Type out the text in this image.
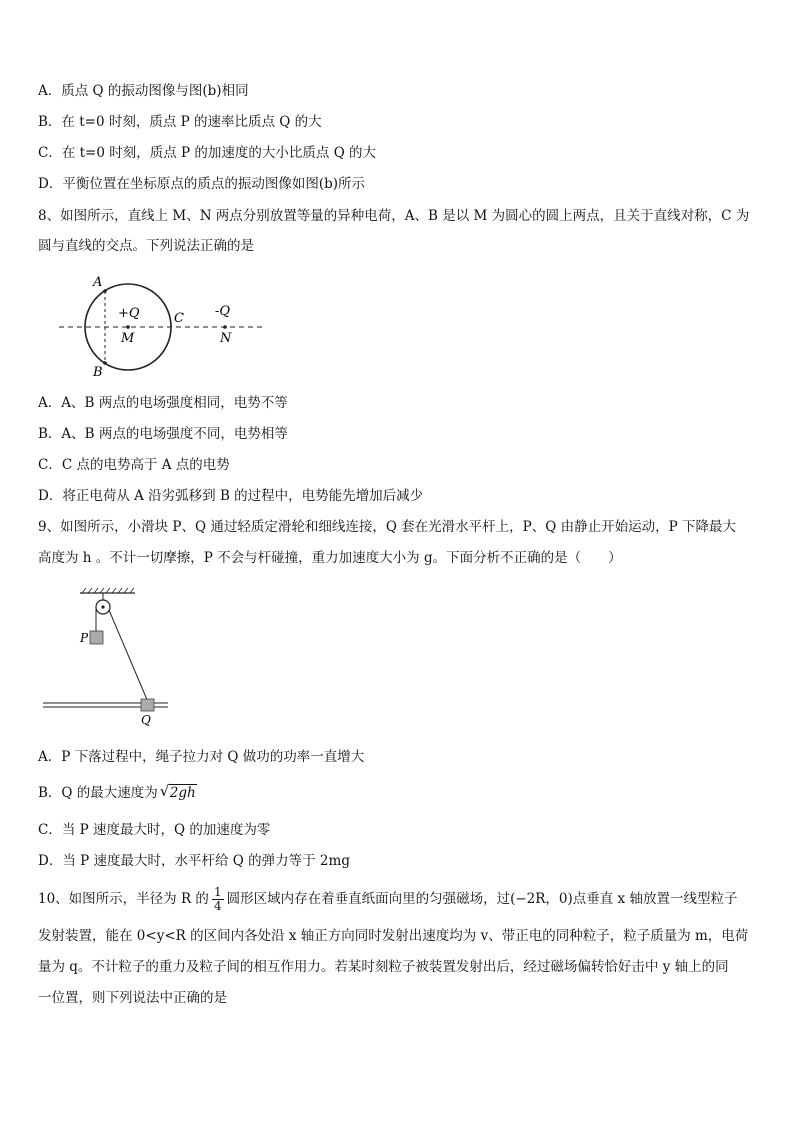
A．质点 Q 的振动图像与图(b)相同
B．在 t=0 时刻，质点 P 的速率比质点 Q 的大
C．在 t=0 时刻，质点 P 的加速度的大小比质点 Q 的大
D．平衡位置在坐标原点的质点的振动图像如图(b)所示
8、如图所示，直线上 M、N 两点分别放置等量的异种电荷，A、B 是以 M 为圆心的圆上两点，且关于直线对称，C 为
圆与直线的交点。下列说法正确的是
A
B
C
+Q
M
-Q
N
A．A、B 两点的电场强度相同，电势不等
B．A、B 两点的电场强度不同，电势相等
C．C 点的电势高于 A 点的电势
D．将正电荷从 A 沿劣弧移到 B 的过程中，电势能先增加后减少
9、如图所示，小滑块 P、Q 通过轻质定滑轮和细线连接，Q 套在光滑水平杆上，P、Q 由静止开始运动，P 下降最大
高度为 h 。不计一切摩擦，P 不会与杆碰撞，重力加速度大小为 g。下面分析不正确的是（　　）
P
Q
A．P 下落过程中，绳子拉力对 Q 做功的功率一直增大
B．Q 的最大速度为 √ 2gh
C．当 P 速度最大时，Q 的加速度为零
D．当 P 速度最大时，水平杆给 Q 的弹力等于 2mg
10、如图所示，半径为 R 的 $\frac{1}{4}$ 圆形区域内存在着垂直纸面向里的匀强磁场，过(−2R，0)点垂直 x 轴放置一线型粒子
发射装置，能在 0<y<R 的区间内各处沿 x 轴正方向同时发射出速度均为 v、带正电的同种粒子，粒子质量为 m，电荷
量为 q。不计粒子的重力及粒子间的相互作用力。若某时刻粒子被装置发射出后，经过磁场偏转恰好击中 y 轴上的同
一位置，则下列说法中正确的是
